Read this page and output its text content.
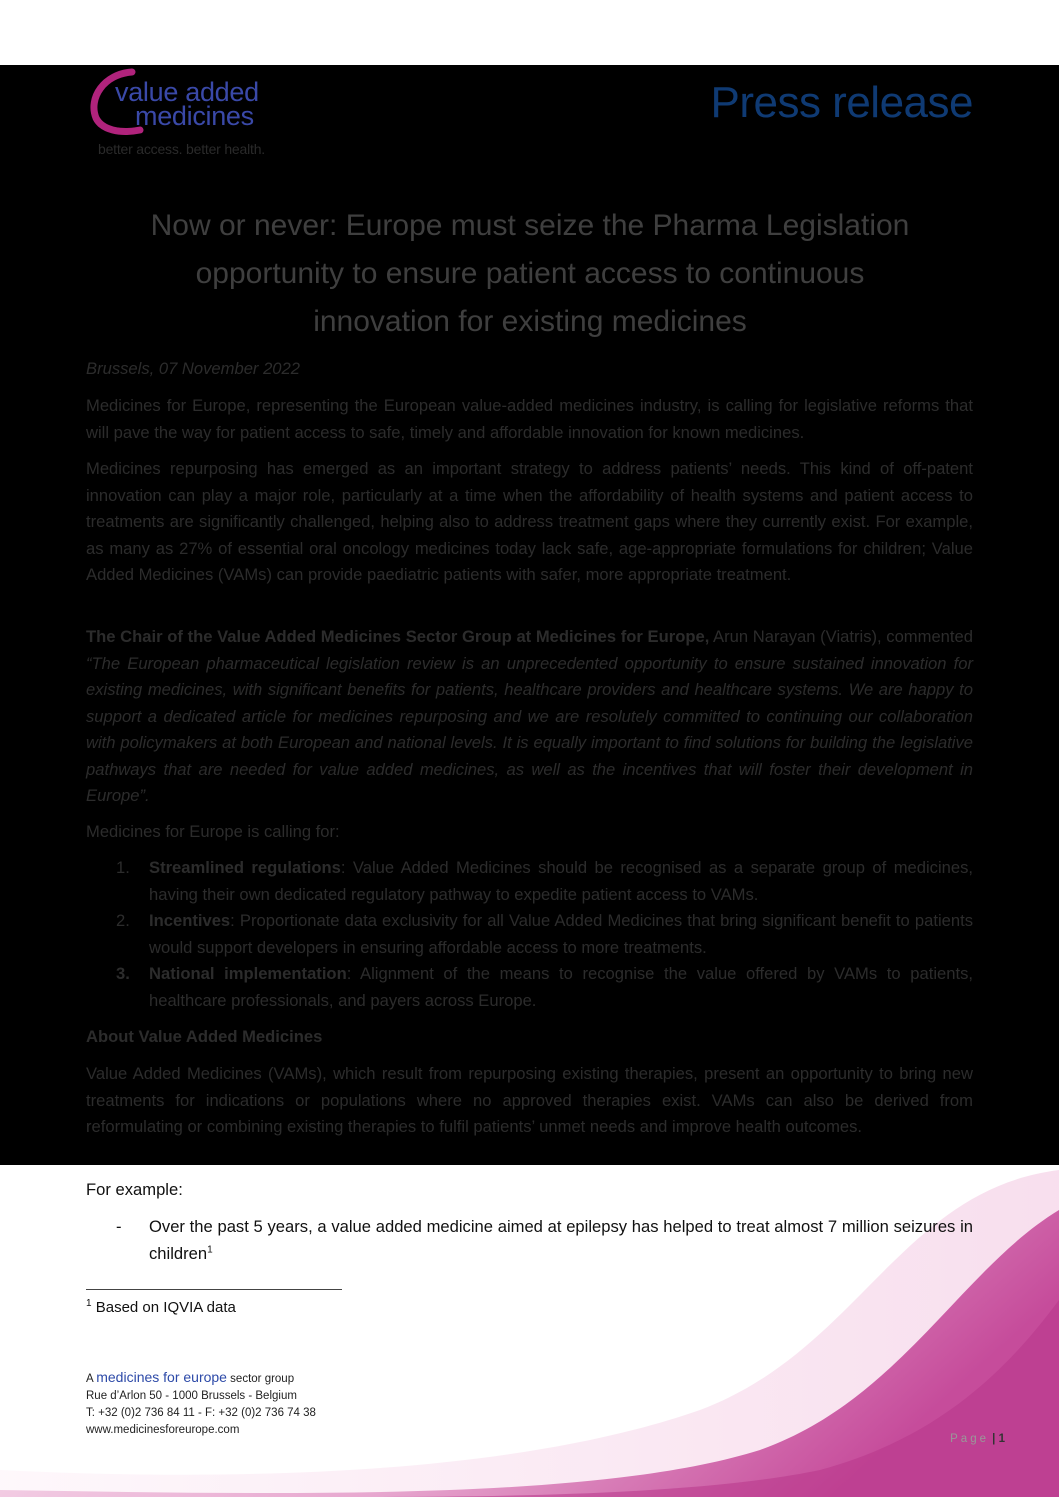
value added
medicines
better access. better health.
Press release
Now or never: Europe must seize the Pharma Legislation
opportunity to ensure patient access to continuous
innovation for existing medicines

Brussels, 07 November 2022

Medicines for Europe, representing the European value-added medicines industry, is calling for legislative reforms that will pave the way for patient access to safe, timely and affordable innovation for known medicines.

Medicines repurposing has emerged as an important strategy to address patients’ needs. This kind of off-patent innovation can play a major role, particularly at a time when the affordability of health systems and patient access to treatments are significantly challenged, helping also to address treatment gaps where they currently exist. For example, as many as 27% of essential oral oncology medicines today lack safe, age-appropriate formulations for children; Value Added Medicines (VAMs) can provide paediatric patients with safer, more appropriate treatment.

The Chair of the Value Added Medicines Sector Group at Medicines for Europe, Arun Narayan (Viatris), commented “The European pharmaceutical legislation review is an unprecedented opportunity to ensure sustained innovation for existing medicines, with significant benefits for patients, healthcare providers and healthcare systems. We are happy to support a dedicated article for medicines repurposing and we are resolutely committed to continuing our collaboration with policymakers at both European and national levels. It is equally important to find solutions for building the legislative pathways that are needed for value added medicines, as well as the incentives that will foster their development in Europe”.

Medicines for Europe is calling for:

1. Streamlined regulations: Value Added Medicines should be recognised as a separate group of medicines, having their own dedicated regulatory pathway to expedite patient access to VAMs.
2. Incentives: Proportionate data exclusivity for all Value Added Medicines that bring significant benefit to patients would support developers in ensuring affordable access to more treatments.
3. National implementation: Alignment of the means to recognise the value offered by VAMs to patients, healthcare professionals, and payers across Europe.

About Value Added Medicines

Value Added Medicines (VAMs), which result from repurposing existing therapies, present an opportunity to bring new treatments for indications or populations where no approved therapies exist. VAMs can also be derived from reformulating or combining existing therapies to fulfil patients’ unmet needs and improve health outcomes.

For example:

- Over the past 5 years, a value added medicine aimed at epilepsy has helped to treat almost 7 million seizures in children$^1$
$^1$ Based on IQVIA data
A medicines for europe sector group
Rue d’Arlon 50 - 1000 Brussels - Belgium
T: +32 (0)2 736 84 11 - F: +32 (0)2 736 74 38
www.medicinesforeurope.com
Page | 1
